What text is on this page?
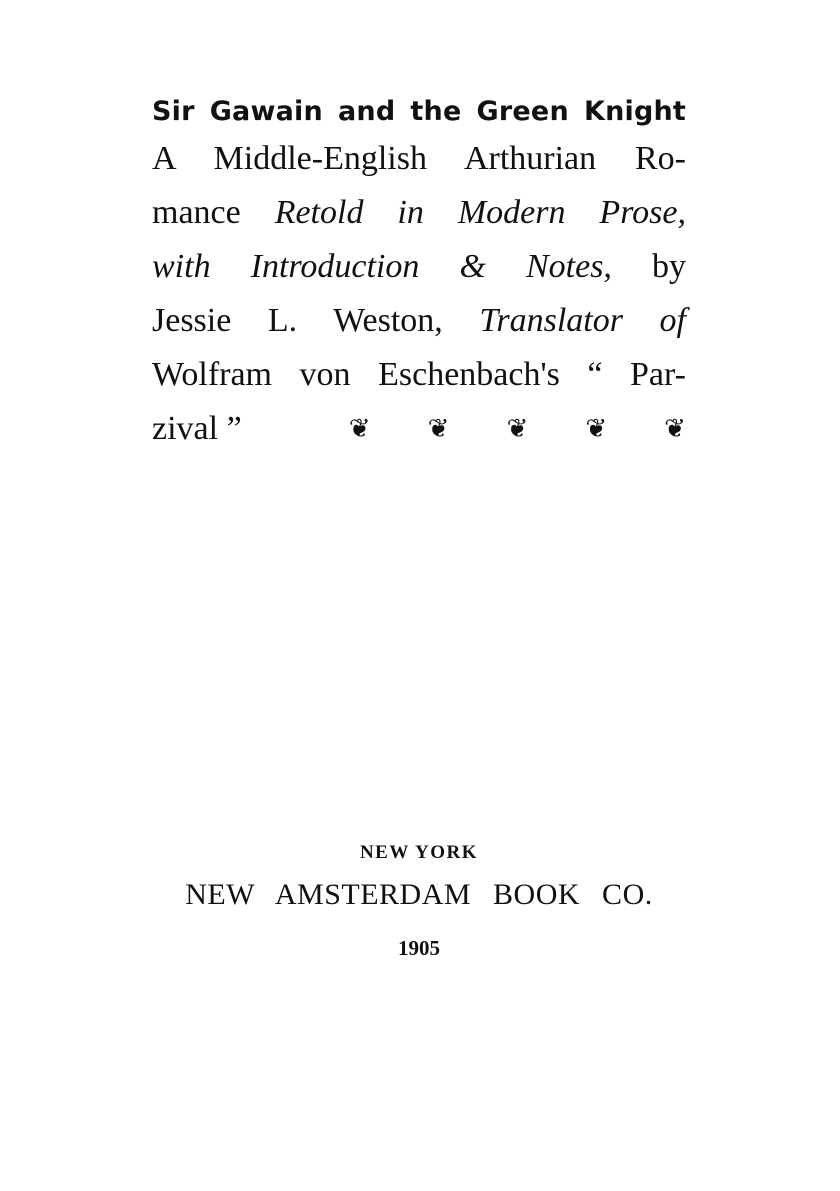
Sir Gawain and the Green Knight
A Middle-English Arthurian Ro-
mance Retold in Modern Prose,
with Introduction & Notes, by
Jessie L. Weston, Translator of
Wolfram von Eschenbach's “ Par-
zival ”	❦	❦	❦	❦	❦
NEW YORK
NEW AMSTERDAM BOOK CO.
1905
